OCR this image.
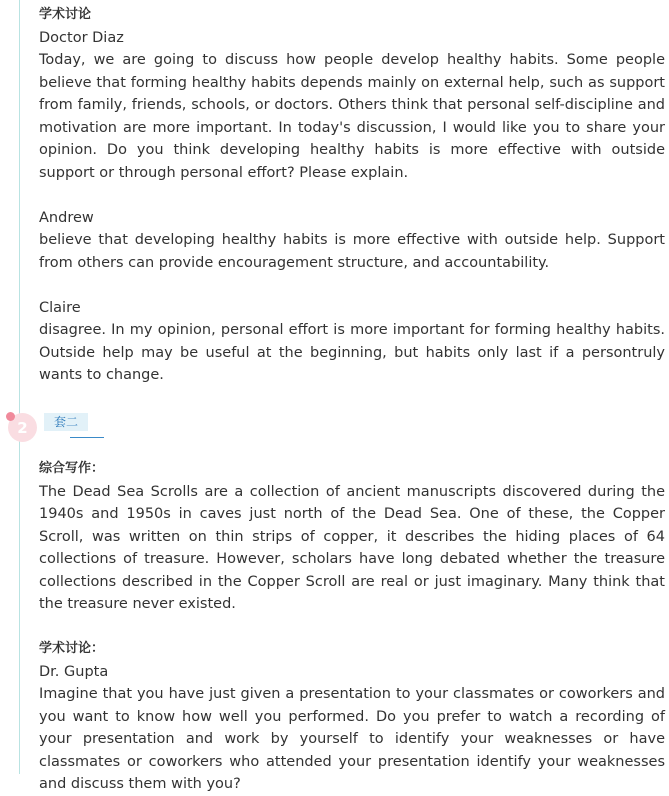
学术讨论
Doctor Diaz

Today, we are going to discuss how people develop healthy habits. Some people believe that forming healthy habits depends mainly on external help, such as support from family, friends, schools, or doctors. Others think that personal self-discipline and motivation are more important. In today's discussion, I would like you to share your opinion. Do you think developing healthy habits is more effective with outside support or through personal effort? Please explain.

Andrew

believe that developing healthy habits is more effective with outside help. Support from others can provide encouragement structure, and accountability.

Claire

disagree. In my opinion, personal effort is more important for forming healthy habits. Outside help may be useful at the beginning, but habits only last if a persontruly wants to change.

2	套二
综合写作：

The Dead Sea Scrolls are a collection of ancient manuscripts discovered during the 1940s and 1950s in caves just north of the Dead Sea. One of these, the Copper Scroll, was written on thin strips of copper, it describes the hiding places of 64 collections of treasure. However, scholars have long debated whether the treasure collections described in the Copper Scroll are real or just imaginary. Many think that the treasure never existed.

学术讨论：
Dr. Gupta

Imagine that you have just given a presentation to your classmates or coworkers and you want to know how well you performed. Do you prefer to watch a recording of your presentation and work by yourself to identify your weaknesses or have classmates or coworkers who attended your presentation identify your weaknesses and discuss them with you?
